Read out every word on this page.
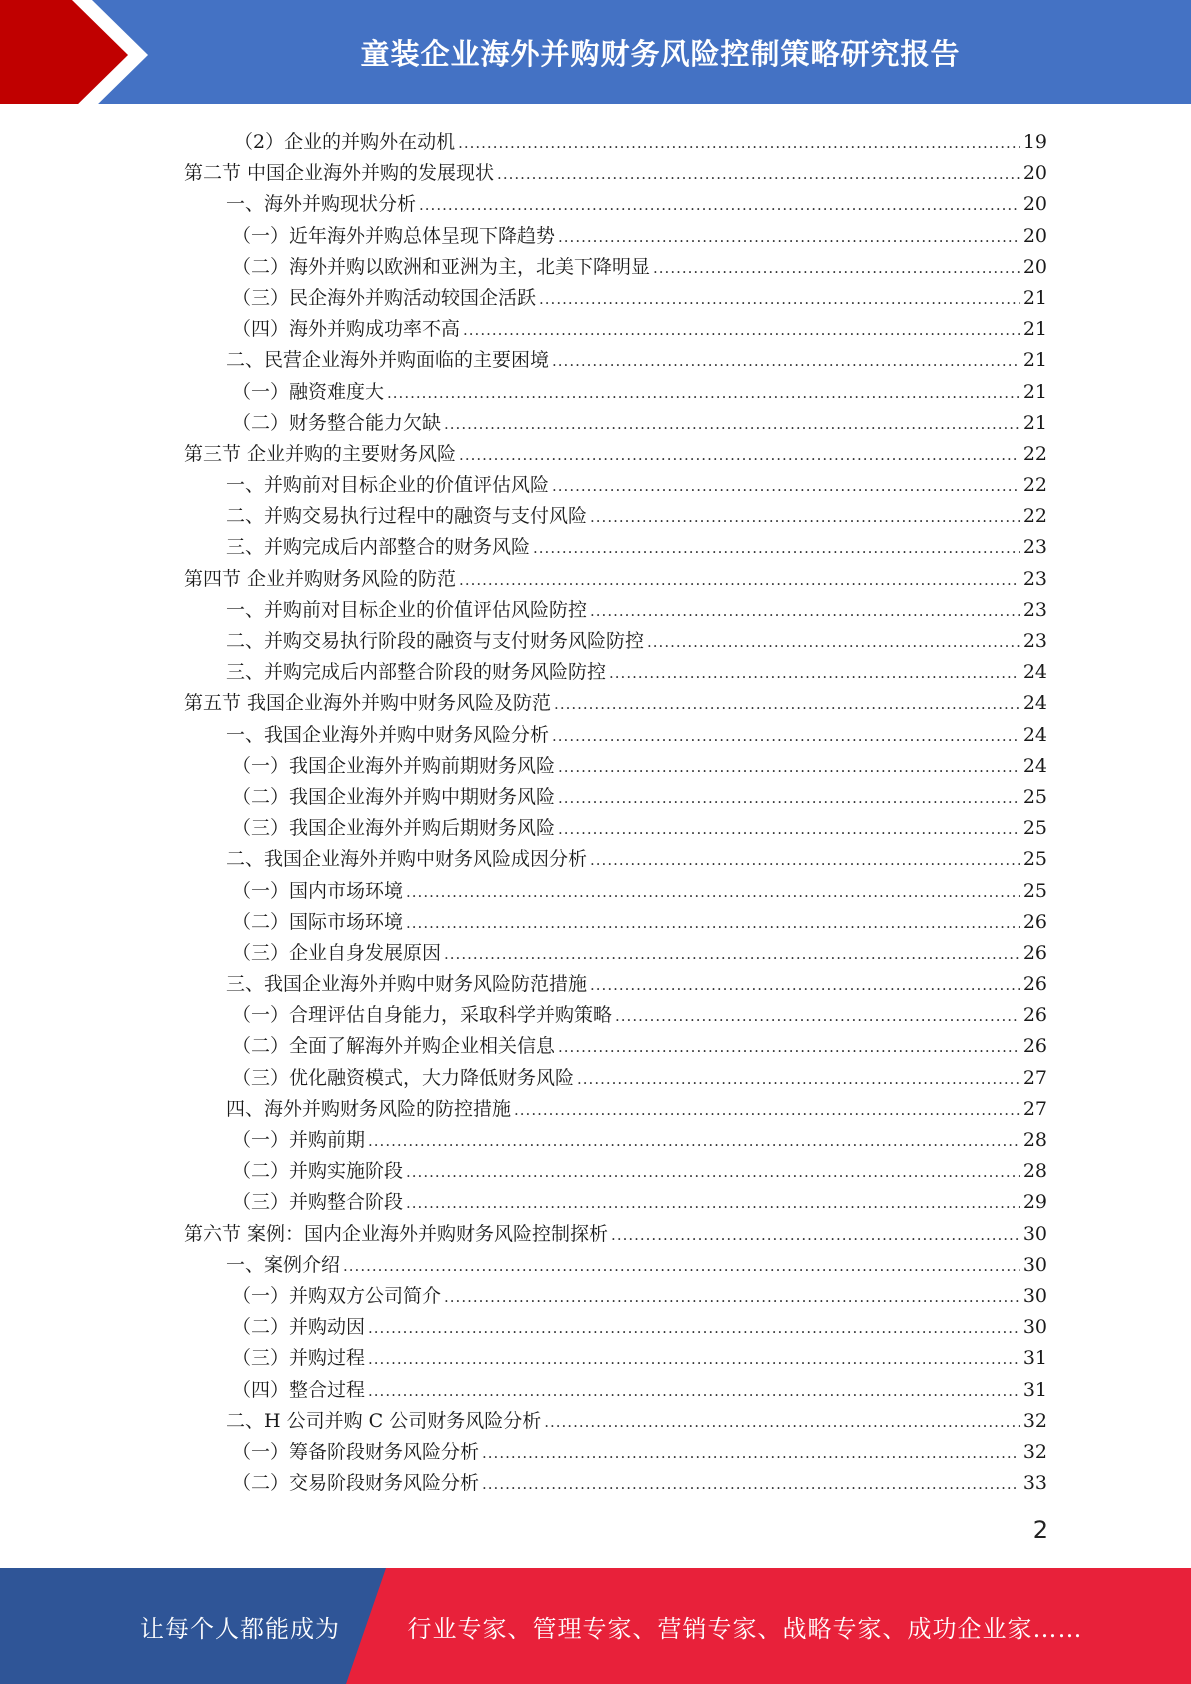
童装企业海外并购财务风险控制策略研究报告
（2）企业的并购外在动机 .....	19
第二节 中国企业海外并购的发展现状 .....	20
一、海外并购现状分析 .....	20
（一）近年海外并购总体呈现下降趋势 .....	20
（二）海外并购以欧洲和亚洲为主，北美下降明显 .....	20
（三）民企海外并购活动较国企活跃 .....	21
（四）海外并购成功率不高 .....	21
二、民营企业海外并购面临的主要困境 .....	21
（一）融资难度大 .....	21
（二）财务整合能力欠缺 .....	21
第三节 企业并购的主要财务风险 .....	22
一、并购前对目标企业的价值评估风险 .....	22
二、并购交易执行过程中的融资与支付风险 .....	22
三、并购完成后内部整合的财务风险 .....	23
第四节 企业并购财务风险的防范 .....	23
一、并购前对目标企业的价值评估风险防控 .....	23
二、并购交易执行阶段的融资与支付财务风险防控 .....	23
三、并购完成后内部整合阶段的财务风险防控 .....	24
第五节 我国企业海外并购中财务风险及防范 .....	24
一、我国企业海外并购中财务风险分析 .....	24
（一）我国企业海外并购前期财务风险 .....	24
（二）我国企业海外并购中期财务风险 .....	25
（三）我国企业海外并购后期财务风险 .....	25
二、我国企业海外并购中财务风险成因分析 .....	25
（一）国内市场环境 .....	25
（二）国际市场环境 .....	26
（三）企业自身发展原因 .....	26
三、我国企业海外并购中财务风险防范措施 .....	26
（一）合理评估自身能力，采取科学并购策略 .....	26
（二）全面了解海外并购企业相关信息 .....	26
（三）优化融资模式，大力降低财务风险 .....	27
四、海外并购财务风险的防控措施 .....	27
（一）并购前期 .....	28
（二）并购实施阶段 .....	28
（三）并购整合阶段 .....	29
第六节 案例：国内企业海外并购财务风险控制探析 .....	30
一、案例介绍 .....	30
（一）并购双方公司简介 .....	30
（二）并购动因 .....	30
（三）并购过程 .....	31
（四）整合过程 .....	31
二、H 公司并购 C 公司财务风险分析 .....	32
（一）筹备阶段财务风险分析 .....	32
（二）交易阶段财务风险分析 .....	33
2
让每个人都能成为	行业专家、管理专家、营销专家、战略专家、成功企业家……
